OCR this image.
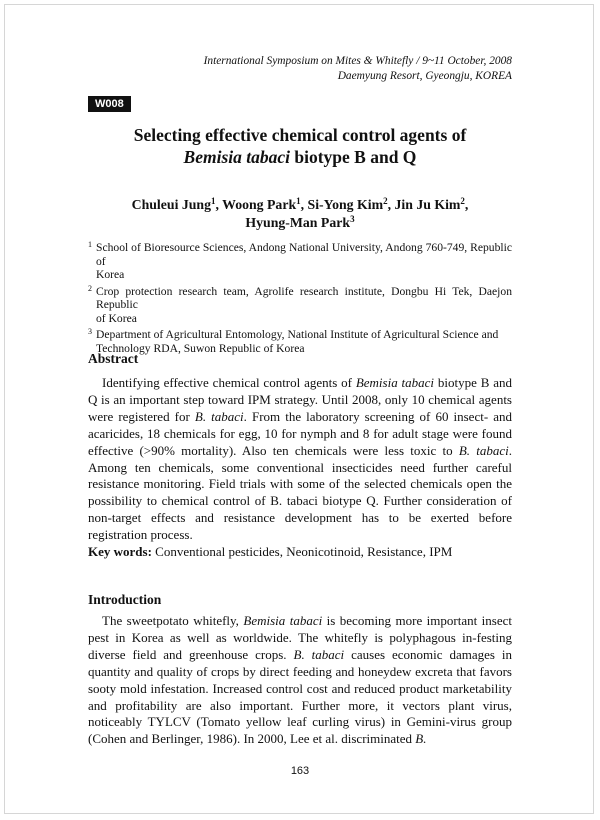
International Symposium on Mites & Whitefly / 9~11 October, 2008
Daemyung Resort, Gyeongju, KOREA
W008
Selecting effective chemical control agents of
Bemisia tabaci biotype B and Q
Chuleui Jung$^1$, Woong Park$^1$, Si-Yong Kim$^2$, Jin Ju Kim$^2$,
Hyung-Man Park$^3$
1 School of Bioresource Sciences, Andong National University, Andong 760-749, Republic of
Korea
2 Crop protection research team, Agrolife research institute, Dongbu Hi Tek, Daejon Republic
of Korea
3 Department of Agricultural Entomology, National Institute of Agricultural Science and
Technology RDA, Suwon Republic of Korea
Abstract

Identifying effective chemical control agents of Bemisia tabaci biotype B and Q is an important step toward IPM strategy. Until 2008, only 10 chemical agents were registered for B. tabaci. From the laboratory screening of 60 insect- and acaricides, 18 chemicals for egg, 10 for nymph and 8 for adult stage were found effective (>90% mortality). Also ten chemicals were less toxic to B. tabaci. Among ten chemicals, some conventional insecticides need further careful resistance monitoring. Field trials with some of the selected chemicals open the possibility to chemical control of B. tabaci biotype Q. Further consideration of non-target effects and resistance development has to be exerted before registration process.

Key words: Conventional pesticides, Neonicotinoid, Resistance, IPM
Introduction

The sweetpotato whitefly, Bemisia tabaci is becoming more important insect pest in Korea as well as worldwide. The whitefly is polyphagous in-festing diverse field and greenhouse crops. B. tabaci causes economic damages in quantity and quality of crops by direct feeding and honeydew excreta that favors sooty mold infestation. Increased control cost and reduced product marketability and profitability are also important. Further more, it vectors plant virus, noticeably TYLCV (Tomato yellow leaf curling virus) in Gemini-virus group (Cohen and Berlinger, 1986). In 2000, Lee et al. discriminated B.

163
